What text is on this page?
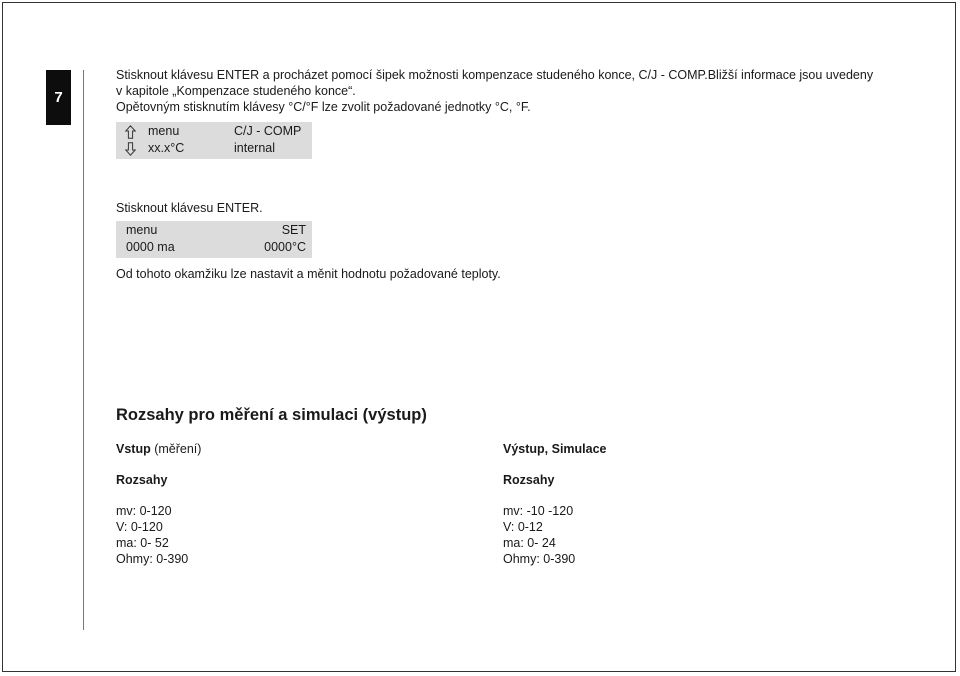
7

Stisknout klávesu ENTER a procházet pomocí šipek možnosti kompenzace studeného konce, C/J - COMP.Bližší informace jsou uvedeny

v kapitole „Kompenzace studeného konce“.

Opětovným stisknutím klávesy °C/°F lze zvolit požadované jednotky °C, °F.

menu	C/J - COMP
xx.x°C	internal

Stisknout klávesu ENTER.

menu	SET
0000 ma	0000°C

Od tohoto okamžiku lze nastavit a měnit hodnotu požadované teploty.

Rozsahy pro měření a simulaci (výstup)
Vstup (měření)
Rozsahy
mv: 0-120
V: 0-120
ma: 0- 52
Ohmy: 0-390
Výstup, Simulace
Rozsahy
mv: -10 -120
V: 0-12
ma: 0- 24
Ohmy: 0-390
